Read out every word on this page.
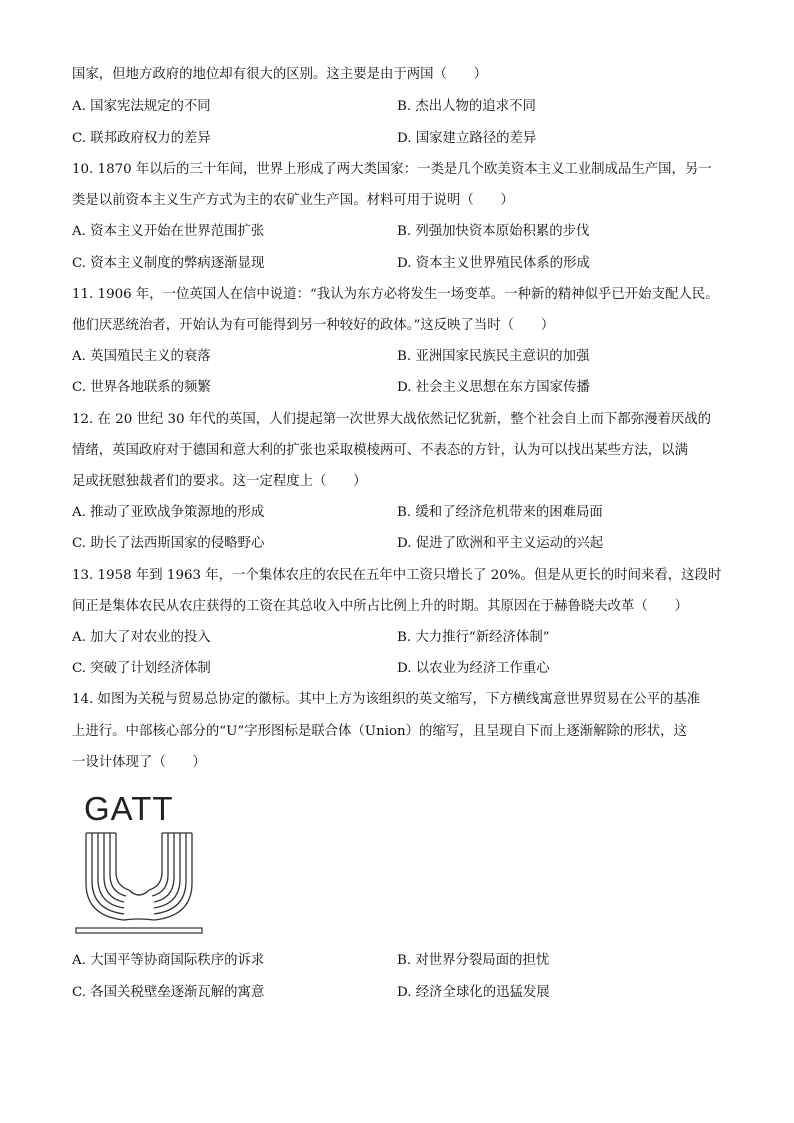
国家，但地方政府的地位却有很大的区别。这主要是由于两国（　　）
A. 国家宪法规定的不同	B. 杰出人物的追求不同
C. 联邦政府权力的差异	D. 国家建立路径的差异
10. 1870 年以后的三十年间，世界上形成了两大类国家：一类是几个欧美资本主义工业制成品生产国，另一
类是以前资本主义生产方式为主的农矿业生产国。材料可用于说明（　　）
A. 资本主义开始在世界范围扩张	B. 列强加快资本原始积累的步伐
C. 资本主义制度的弊病逐渐显现	D. 资本主义世界殖民体系的形成
11. 1906 年，一位英国人在信中说道：“我认为东方必将发生一场变革。一种新的精神似乎已开始支配人民。
他们厌恶统治者，开始认为有可能得到另一种较好的政体。”这反映了当时（　　）
A. 英国殖民主义的衰落	B. 亚洲国家民族民主意识的加强
C. 世界各地联系的频繁	D. 社会主义思想在东方国家传播
12. 在 20 世纪 30 年代的英国，人们提起第一次世界大战依然记忆犹新，整个社会自上而下都弥漫着厌战的
情绪，英国政府对于德国和意大利的扩张也采取模棱两可、不表态的方针，认为可以找出某些方法，以满
足或抚慰独裁者们的要求。这一定程度上（　　）
A. 推动了亚欧战争策源地的形成	B. 缓和了经济危机带来的困难局面
C. 助长了法西斯国家的侵略野心	D. 促进了欧洲和平主义运动的兴起
13. 1958 年到 1963 年，一个集体农庄的农民在五年中工资只增长了 20%。但是从更长的时间来看，这段时
间正是集体农民从农庄获得的工资在其总收入中所占比例上升的时期。其原因在于赫鲁晓夫改革（　　）
A. 加大了对农业的投入	B. 大力推行“新经济体制”
C. 突破了计划经济体制	D. 以农业为经济工作重心
14. 如图为关税与贸易总协定的徽标。其中上方为该组织的英文缩写，下方横线寓意世界贸易在公平的基准
上进行。中部核心部分的“U”字形图标是联合体（Union）的缩写，且呈现自下而上逐渐解除的形状，这
一设计体现了（　　）
GATT
A. 大国平等协商国际秩序的诉求	B. 对世界分裂局面的担忧
C. 各国关税壁垒逐渐瓦解的寓意	D. 经济全球化的迅猛发展
